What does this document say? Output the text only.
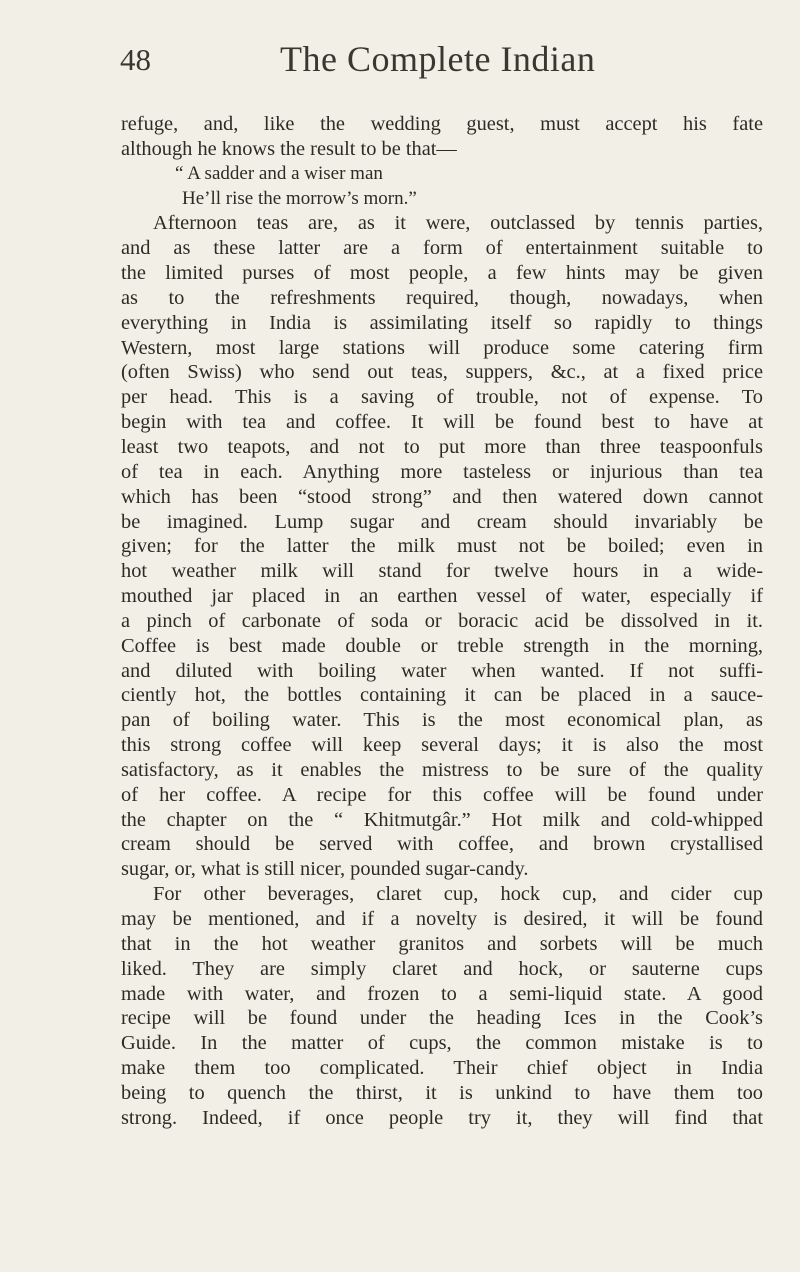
48	The Complete Indian
refuge, and, like the wedding guest, must accept his fate
although he knows the result to be that—
“ A sadder and a wiser man
He’ll rise the morrow’s morn.”
Afternoon teas are, as it were, outclassed by tennis parties,
and as these latter are a form of entertainment suitable to
the limited purses of most people, a few hints may be given
as to the refreshments required, though, nowadays, when
everything in India is assimilating itself so rapidly to things
Western, most large stations will produce some catering firm
(often Swiss) who send out teas, suppers, &c., at a fixed price
per head. This is a saving of trouble, not of expense. To
begin with tea and coffee. It will be found best to have at
least two teapots, and not to put more than three teaspoonfuls
of tea in each. Anything more tasteless or injurious than tea
which has been “stood strong” and then watered down cannot
be imagined. Lump sugar and cream should invariably be
given; for the latter the milk must not be boiled; even in
hot weather milk will stand for twelve hours in a wide-
mouthed jar placed in an earthen vessel of water, especially if
a pinch of carbonate of soda or boracic acid be dissolved in it.
Coffee is best made double or treble strength in the morning,
and diluted with boiling water when wanted. If not suffi-
ciently hot, the bottles containing it can be placed in a sauce-
pan of boiling water. This is the most economical plan, as
this strong coffee will keep several days; it is also the most
satisfactory, as it enables the mistress to be sure of the quality
of her coffee. A recipe for this coffee will be found under
the chapter on the “ Khitmutgâr.” Hot milk and cold-whipped
cream should be served with coffee, and brown crystallised
sugar, or, what is still nicer, pounded sugar-candy.
For other beverages, claret cup, hock cup, and cider cup
may be mentioned, and if a novelty is desired, it will be found
that in the hot weather granitos and sorbets will be much
liked. They are simply claret and hock, or sauterne cups
made with water, and frozen to a semi-liquid state. A good
recipe will be found under the heading Ices in the Cook’s
Guide. In the matter of cups, the common mistake is to
make them too complicated. Their chief object in India
being to quench the thirst, it is unkind to have them too
strong. Indeed, if once people try it, they will find that
